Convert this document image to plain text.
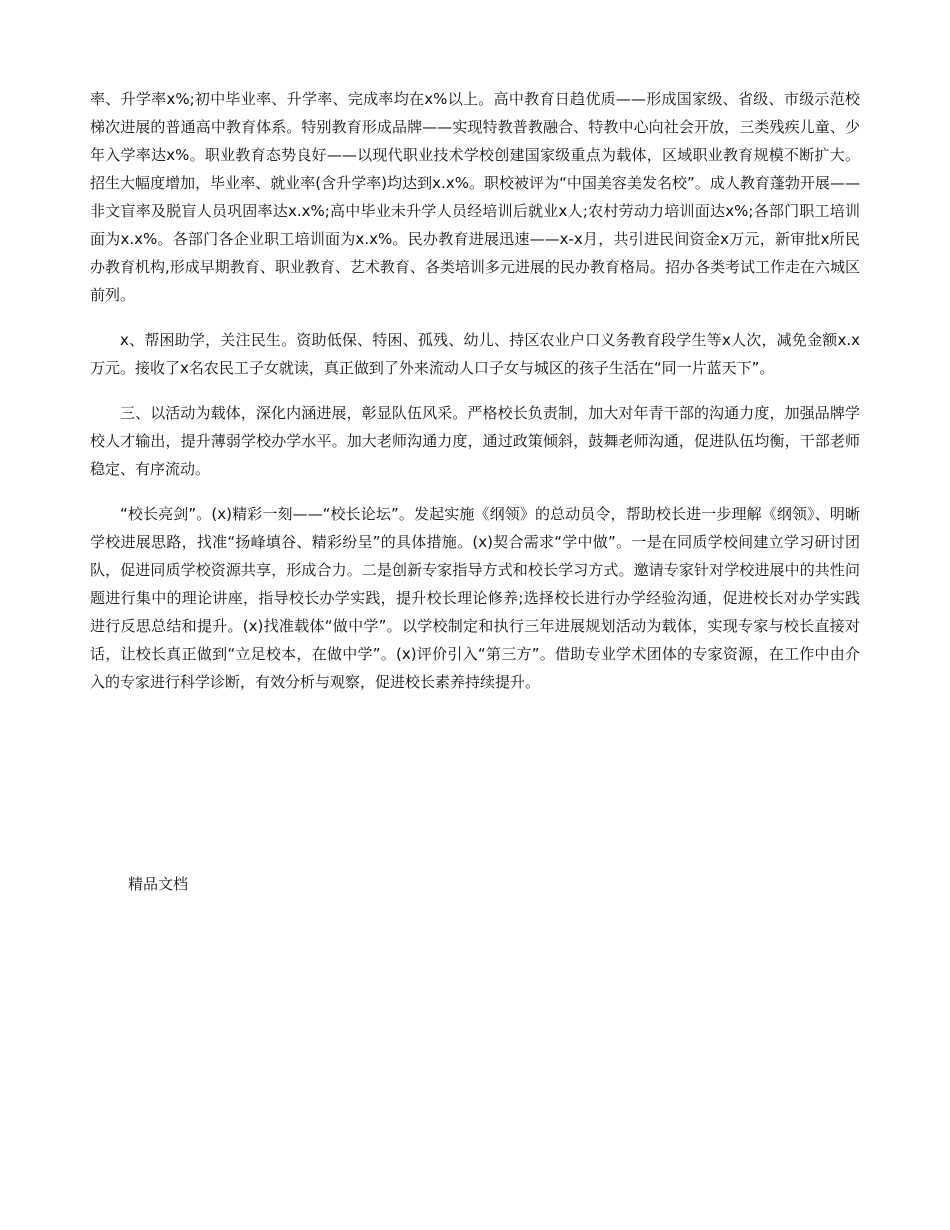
率、升学率x%;初中毕业率、升学率、完成率均在x%以上。高中教育日趋优质——形成国家级、省级、市级示范校梯次进展的普通高中教育体系。特别教育形成品牌——实现特教普教融合、特教中心向社会开放，三类残疾儿童、少年入学率达x%。职业教育态势良好——以现代职业技术学校创建国家级重点为载体，区域职业教育规模不断扩大。招生大幅度增加，毕业率、就业率(含升学率)均达到x.x%。职校被评为“中国美容美发名校”。成人教育蓬勃开展——非文盲率及脱盲人员巩固率达x.x%;高中毕业未升学人员经培训后就业x人;农村劳动力培训面达x%;各部门职工培训面为x.x%。各部门各企业职工培训面为x.x%。民办教育进展迅速——x-x月，共引进民间资金x万元，新审批x所民办教育机构,形成早期教育、职业教育、艺术教育、各类培训多元进展的民办教育格局。招办各类考试工作走在六城区前列。

x、帮困助学，关注民生。资助低保、特困、孤残、幼儿、持区农业户口义务教育段学生等x人次，减免金额x.x万元。接收了x名农民工子女就读，真正做到了外来流动人口子女与城区的孩子生活在“同一片蓝天下”。

三、以活动为载体，深化内涵进展，彰显队伍风采。严格校长负责制，加大对年青干部的沟通力度，加强品牌学校人才输出，提升薄弱学校办学水平。加大老师沟通力度，通过政策倾斜，鼓舞老师沟通，促进队伍均衡，干部老师稳定、有序流动。

“校长亮剑”。(x)精彩一刻——“校长论坛”。发起实施《纲领》的总动员令，帮助校长进一步理解《纲领》、明晰学校进展思路，找准“扬峰填谷、精彩纷呈”的具体措施。(x)契合需求“学中做”。一是在同质学校间建立学习研讨团队，促进同质学校资源共享，形成合力。二是创新专家指导方式和校长学习方式。邀请专家针对学校进展中的共性问题进行集中的理论讲座，指导校长办学实践，提升校长理论修养;选择校长进行办学经验沟通，促进校长对办学实践进行反思总结和提升。(x)找准载体“做中学”。以学校制定和执行三年进展规划活动为载体，实现专家与校长直接对话，让校长真正做到“立足校本，在做中学”。(x)评价引入“第三方”。借助专业学术团体的专家资源，在工作中由介入的专家进行科学诊断，有效分析与观察，促进校长素养持续提升。

精品文档
